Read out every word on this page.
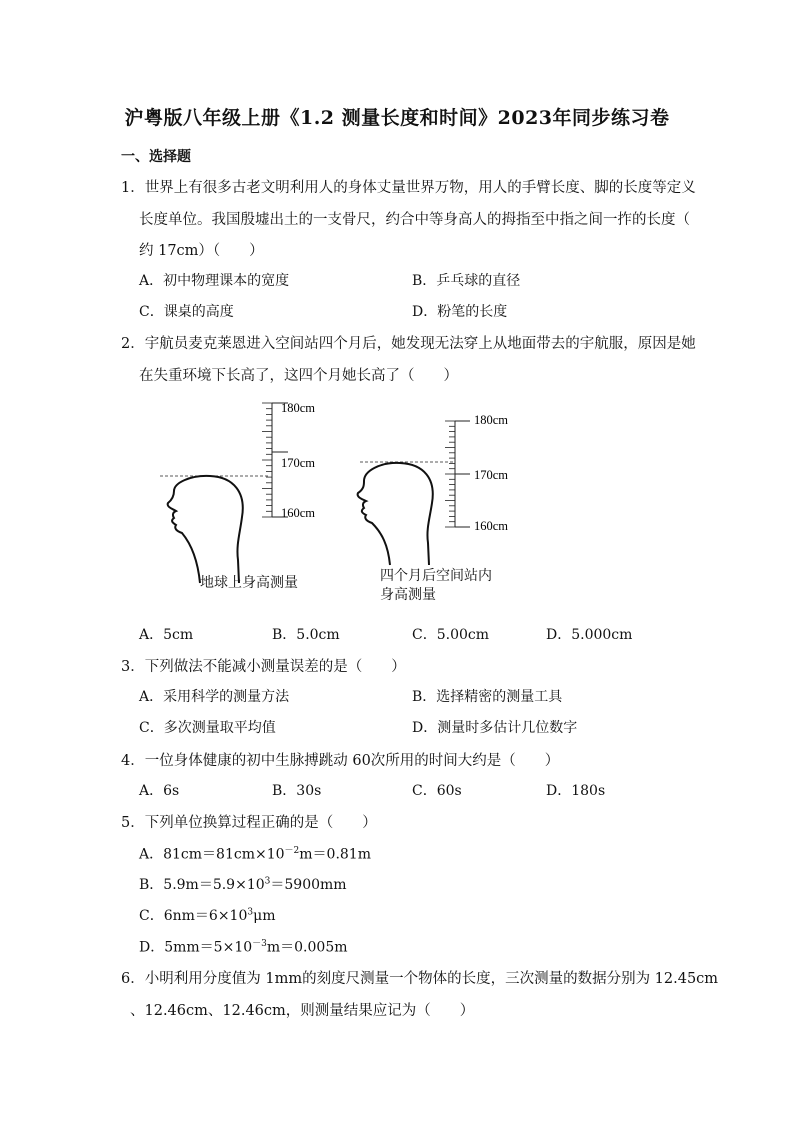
沪粤版八年级上册《1.2 测量长度和时间》2023年同步练习卷
一、选择题
1．世界上有很多古老文明利用人的身体丈量世界万物，用人的手臂长度、脚的长度等定义
长度单位。我国殷墟出土的一支骨尺，约合中等身高人的拇指至中指之间一拃的长度（
约 17cm）（　　）
A．初中物理课本的宽度	B．乒乓球的直径
C．课桌的高度	D．粉笔的长度
2．宇航员麦克莱恩进入空间站四个月后，她发现无法穿上从地面带去的宇航服，原因是她
在失重环境下长高了，这四个月她长高了（　　）
180cm
170cm
160cm
180cm
170cm
160cm
地球上身高测量	四个月后空间站内
身高测量
A．5cm	B．5.0cm	C．5.00cm	D．5.000cm
3．下列做法不能减小测量误差的是（　　）
A．采用科学的测量方法	B．选择精密的测量工具
C．多次测量取平均值	D．测量时多估计几位数字
4．一位身体健康的初中生脉搏跳动 60次所用的时间大约是（　　）
A．6s	B．30s	C．60s	D．180s
5．下列单位换算过程正确的是（　　）
A．$81cm=81cm\times 10^{-2}m=0.81m$
B．$5.9m=5.9\times 10^3=5900mm$
C．$6nm=6\times 10^3\mu m$
D．$5mm=5\times 10^{-3}m=0.005m$
6．小明利用分度值为 1mm的刻度尺测量一个物体的长度，三次测量的数据分别为 12.45cm
、12.46cm、12.46cm，则测量结果应记为（　　）
